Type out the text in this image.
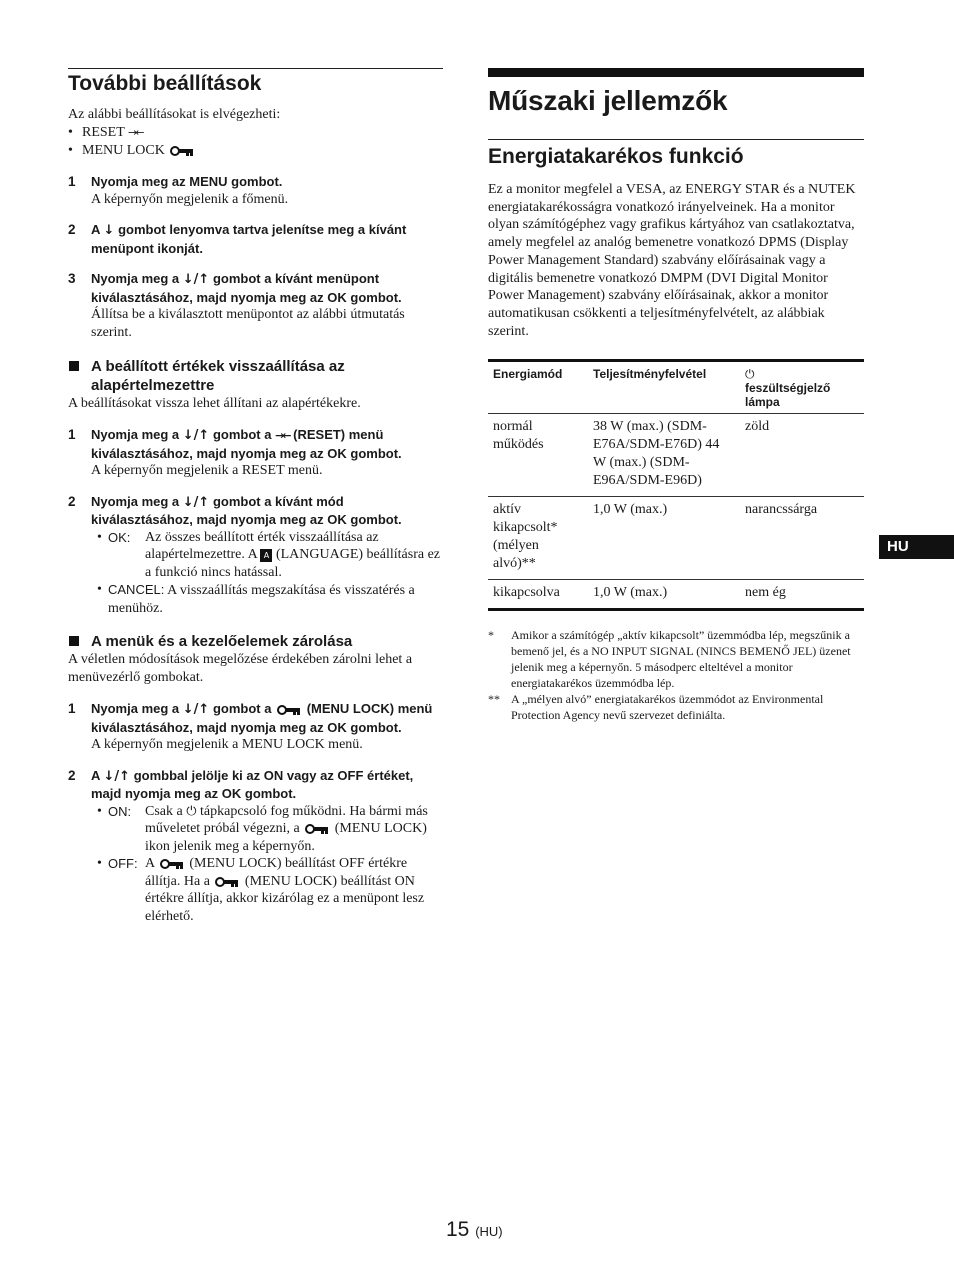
További beállítások

Az alábbi beállításokat is elvégezheti:

• RESET →←

• MENU LOCK

1 Nyomja meg az MENU gombot.
A képernyőn megjelenik a főmenü.
2 A ↓ gombot lenyomva tartva jelenítse meg a kívánt menüpont ikonját.
3 Nyomja meg a ↓/↑ gombot a kívánt menüpont kiválasztásához, majd nyomja meg az OK gombot.
Állítsa be a kiválasztott menüpontot az alábbi útmutatás szerint.
A beállított értékek visszaállítása az alapértelmezettre

A beállításokat vissza lehet állítani az alapértékekre.

1 Nyomja meg a ↓/↑ gombot a →← (RESET) menü kiválasztásához, majd nyomja meg az OK gombot.
A képernyőn megjelenik a RESET menü.
2 Nyomja meg a ↓/↑ gombot a kívánt mód kiválasztásához, majd nyomja meg az OK gombot.
• OK: Az összes beállított érték visszaállítása az alapértelmezettre. A A (LANGUAGE) beállításra ez a funkció nincs hatással.
• CANCEL: A visszaállítás megszakítása és visszatérés a menühöz.
A menük és a kezelőelemek zárolása

A véletlen módosítások megelőzése érdekében zárolni lehet a menüvezérlő gombokat.

1 Nyomja meg a ↓/↑ gombot a	(MENU LOCK) menü kiválasztásához, majd nyomja meg az OK gombot.
A képernyőn megjelenik a MENU LOCK menü.
2 A ↓/↑ gombbal jelölje ki az ON vagy az OFF értéket, majd nyomja meg az OK gombot.
• ON: Csak a ⏻ tápkapcsoló fog működni. Ha bármi más műveletet próbál végezni, a	(MENU LOCK) ikon jelenik meg a képernyőn.
• OFF: A	(MENU LOCK) beállítást OFF értékre állítja. Ha a	(MENU LOCK) beállítást ON értékre állítja, akkor kizárólag ez a menüpont lesz elérhető.
Műszaki jellemzők
Energiatakarékos funkció

Ez a monitor megfelel a VESA, az ENERGY STAR és a NUTEK energiatakarékosságra vonatkozó irányelveinek. Ha a monitor olyan számítógéphez vagy grafikus kártyához van csatlakoztatva, amely megfelel az analóg bemenetre vonatkozó DPMS (Display Power Management Standard) szabvány előírásainak vagy a digitális bemenetre vonatkozó DMPM (DVI Digital Monitor Power Management) szabvány előírásainak, akkor a monitor automatikusan csökkenti a teljesítményfelvételt, az alábbiak szerint.

Energiamód	Teljesítményfelvétel	⏻
feszültségjelző lámpa
normál működés	38 W (max.) (SDM-E76A/SDM-E76D) 44 W (max.) (SDM-E96A/SDM-E96D)	zöld
aktív kikapcsolt* (mélyen alvó)**	1,0 W (max.)	narancssárga
kikapcsolva	1,0 W (max.)	nem ég
* Amikor a számítógép „aktív kikapcsolt” üzemmódba lép, megszűnik a bemenő jel, és a NO INPUT SIGNAL (NINCS BEMENŐ JEL) üzenet jelenik meg a képernyőn. 5 másodperc elteltével a monitor energiatakarékos üzemmódba lép.
** A „mélyen alvó” energiatakarékos üzemmódot az Environmental Protection Agency nevű szervezet definiálta.
HU
15 (HU)
